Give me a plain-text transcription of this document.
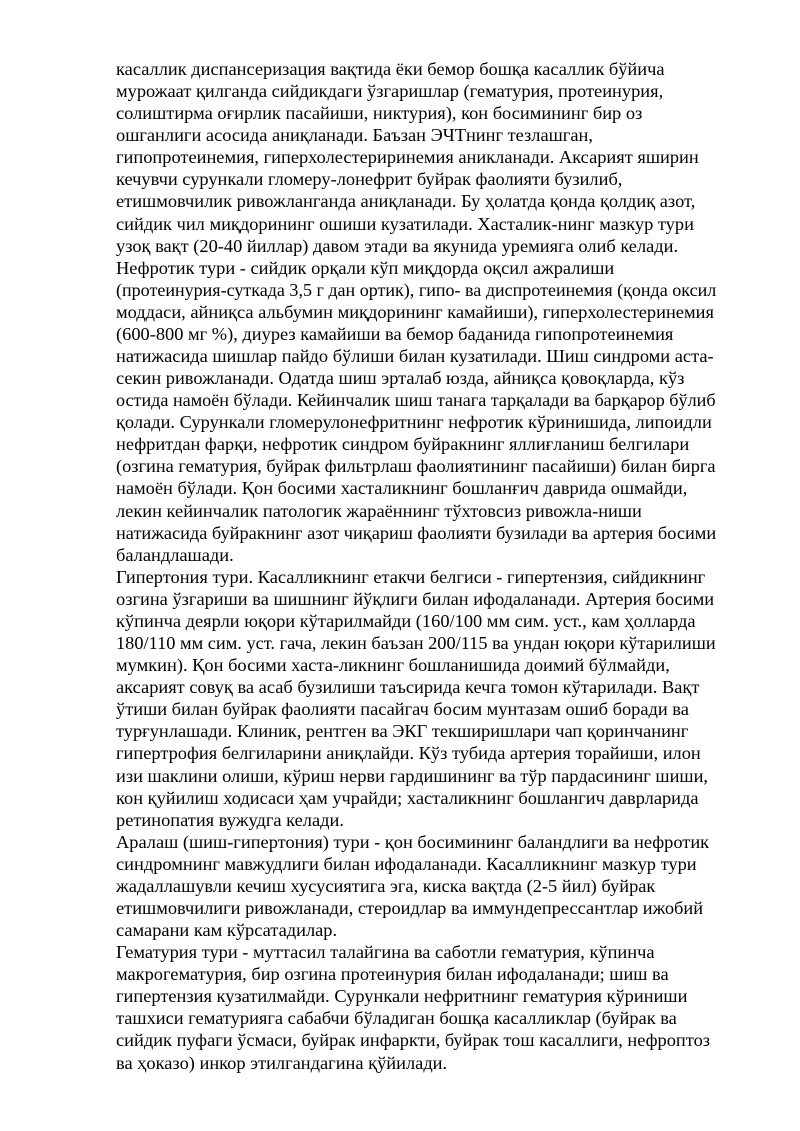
касаллик диспансеризация вақтида ёки бемор бошқа касаллик бўйича
мурожаат қилганда сийдикдаги ўзгаришлар (гематурия, протеинурия,
солиштирма оғирлик пасайиши, никтурия), кон босимининг бир оз
ошганлиги асосида аниқланади. Баъзан ЭЧТнинг тезлашган,
гипопротеинемия, гиперхолестериринемия аникланади. Аксарият яширин
кечувчи сурункали гломеру-лонефрит буйрак фаолияти бузилиб,
етишмовчилик ривожланганда аниқланади. Бу ҳолатда қонда қолдиқ азот,
сийдик чил миқдорининг ошиши кузатилади. Хасталик-нинг мазкур тури
узоқ вақт (20-40 йиллар) давом этади ва якунида уремияга олиб келади.
Нефротик тури - сийдик орқали кўп миқдорда оқсил ажралиши
(протеинурия-суткада 3,5 г дан ортик), гипо- ва диспротеинемия (қонда оксил
моддаси, айниқса альбумин миқдорининг камайиши), гиперхолестеринемия
(600-800 мг %), диурез камайиши ва бемор баданида гипопротеинемия
натижасида шишлар пайдо бўлиши билан кузатилади. Шиш синдроми аста-
секин ривожланади. Одатда шиш эрталаб юзда, айниқса қовоқларда, кўз
остида намоён бўлади. Кейинчалик шиш танага тарқалади ва барқарор бўлиб
қолади. Сурункали гломерулонефритнинг нефротик кўринишида, липоидли
нефритдан фарқи, нефротик синдром буйракнинг яллиғланиш белгилари
(озгина гематурия, буйрак фильтрлаш фаолиятининг пасайиши) билан бирга
намоён бўлади. Қон босими хасталикнинг бошланғич даврида ошмайди,
лекин кейинчалик патологик жараённинг тўхтовсиз ривожла-ниши
натижасида буйракнинг азот чиқариш фаолияти бузилади ва артерия босими
баландлашади.
Гипертония тури. Касалликнинг етакчи белгиси - гипертензия, сийдикнинг
озгина ўзгариши ва шишнинг йўқлиги билан ифодаланади. Артерия босими
кўпинча деярли юқори кўтарилмайди (160/100 мм сим. уст., кам ҳолларда
180/110 мм сим. уст. гача, лекин баъзан 200/115 ва ундан юқори кўтарилиши
мумкин). Қон босими хаста-ликнинг бошланишида доимий бўлмайди,
аксарият совуқ ва асаб бузилиши таъсирида кечга томон кўтарилади. Вақт
ўтиши билан буйрак фаолияти пасайгач босим мунтазам ошиб боради ва
турғунлашади. Клиник, рентген ва ЭКГ текширишлари чап қоринчанинг
гипертрофия белгиларини аниқлайди. Кўз тубида артерия торайиши, илон
изи шаклини олиши, кўриш нерви гардишининг ва тўр пардасининг шиши,
кон қуйилиш ходисаси ҳам учрайди; хасталикнинг бошлангич даврларида
ретинопатия вужудга келади.
Аралаш (шиш-гипертония) тури - қон босимининг баландлиги ва нефротик
синдромнинг мавжудлиги билан ифодаланади. Касалликнинг мазкур тури
жадаллашувли кечиш хусусиятига эга, киска вақтда (2-5 йил) буйрак
етишмовчилиги ривожланади, стероидлар ва иммундепрессантлар ижобий
самарани кам кўрсатадилар.
Гематурия тури - муттасил талайгина ва саботли гематурия, кўпинча
макрогематурия, бир озгина протеинурия билан ифодаланади; шиш ва
гипертензия кузатилмайди. Сурункали нефритнинг гематурия кўриниши
ташхиси гематурияга сабабчи бўладиган бошқа касалликлар (буйрак ва
сийдик пуфаги ўсмаси, буйрак инфаркти, буйрак тош касаллиги, нефроптоз
ва ҳоказо) инкор этилгандагина қўйилади.
